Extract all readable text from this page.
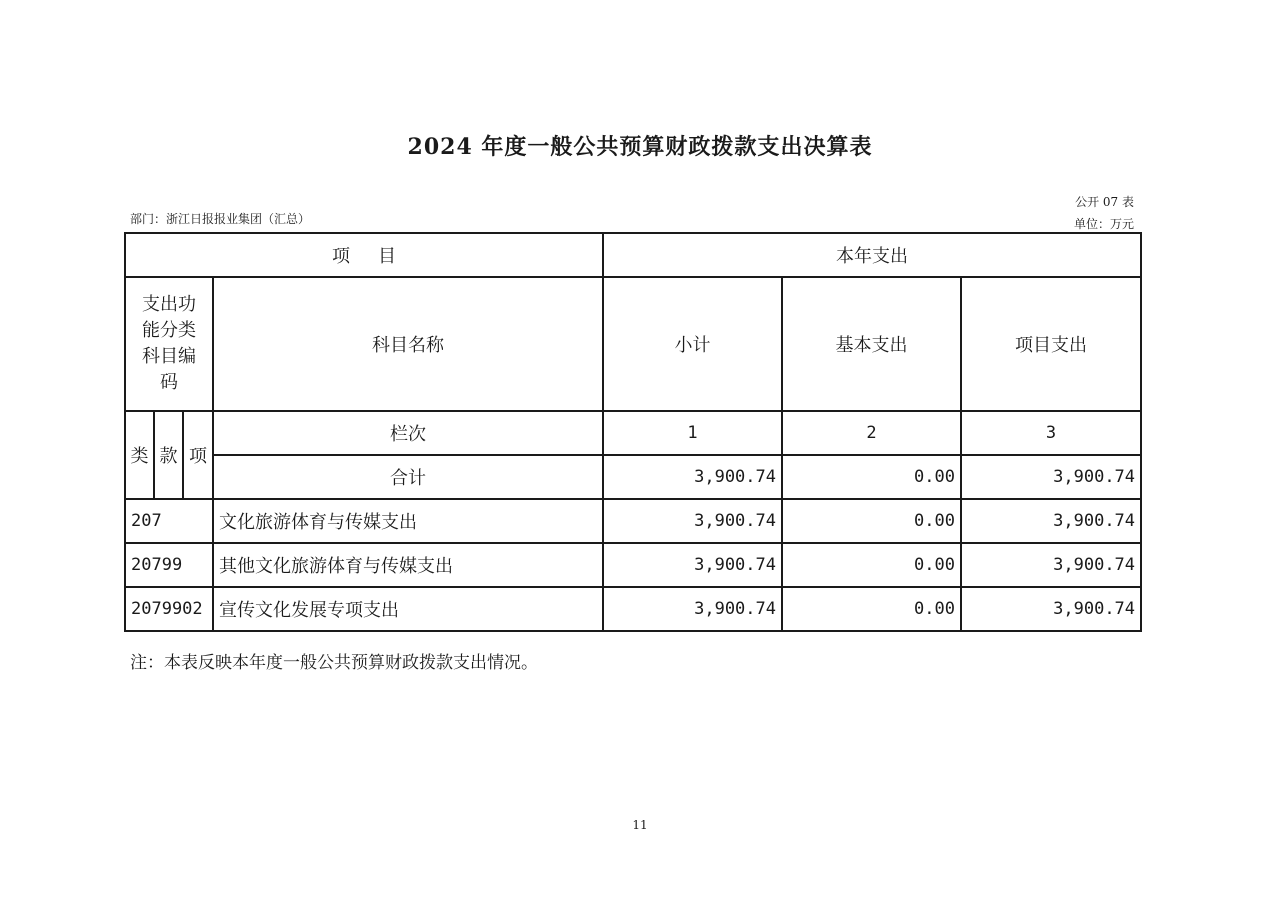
2024 年度一般公共预算财政拨款支出决算表
公开 07 表
单位：万元
部门：浙江日报报业集团（汇总）
项目				本年支出		

支出功
能分类
科目编
码			科目名称	小计	基本支出	项目支出
类	款	项	栏次	1	2	3
			合计	3,900.74	0.00	3,900.74
207			文化旅游体育与传媒支出	3,900.74	0.00	3,900.74
20799			其他文化旅游体育与传媒支出	3,900.74	0.00	3,900.74
2079902			宣传文化发展专项支出	3,900.74	0.00	3,900.74
注：本表反映本年度一般公共预算财政拨款支出情况。
11
